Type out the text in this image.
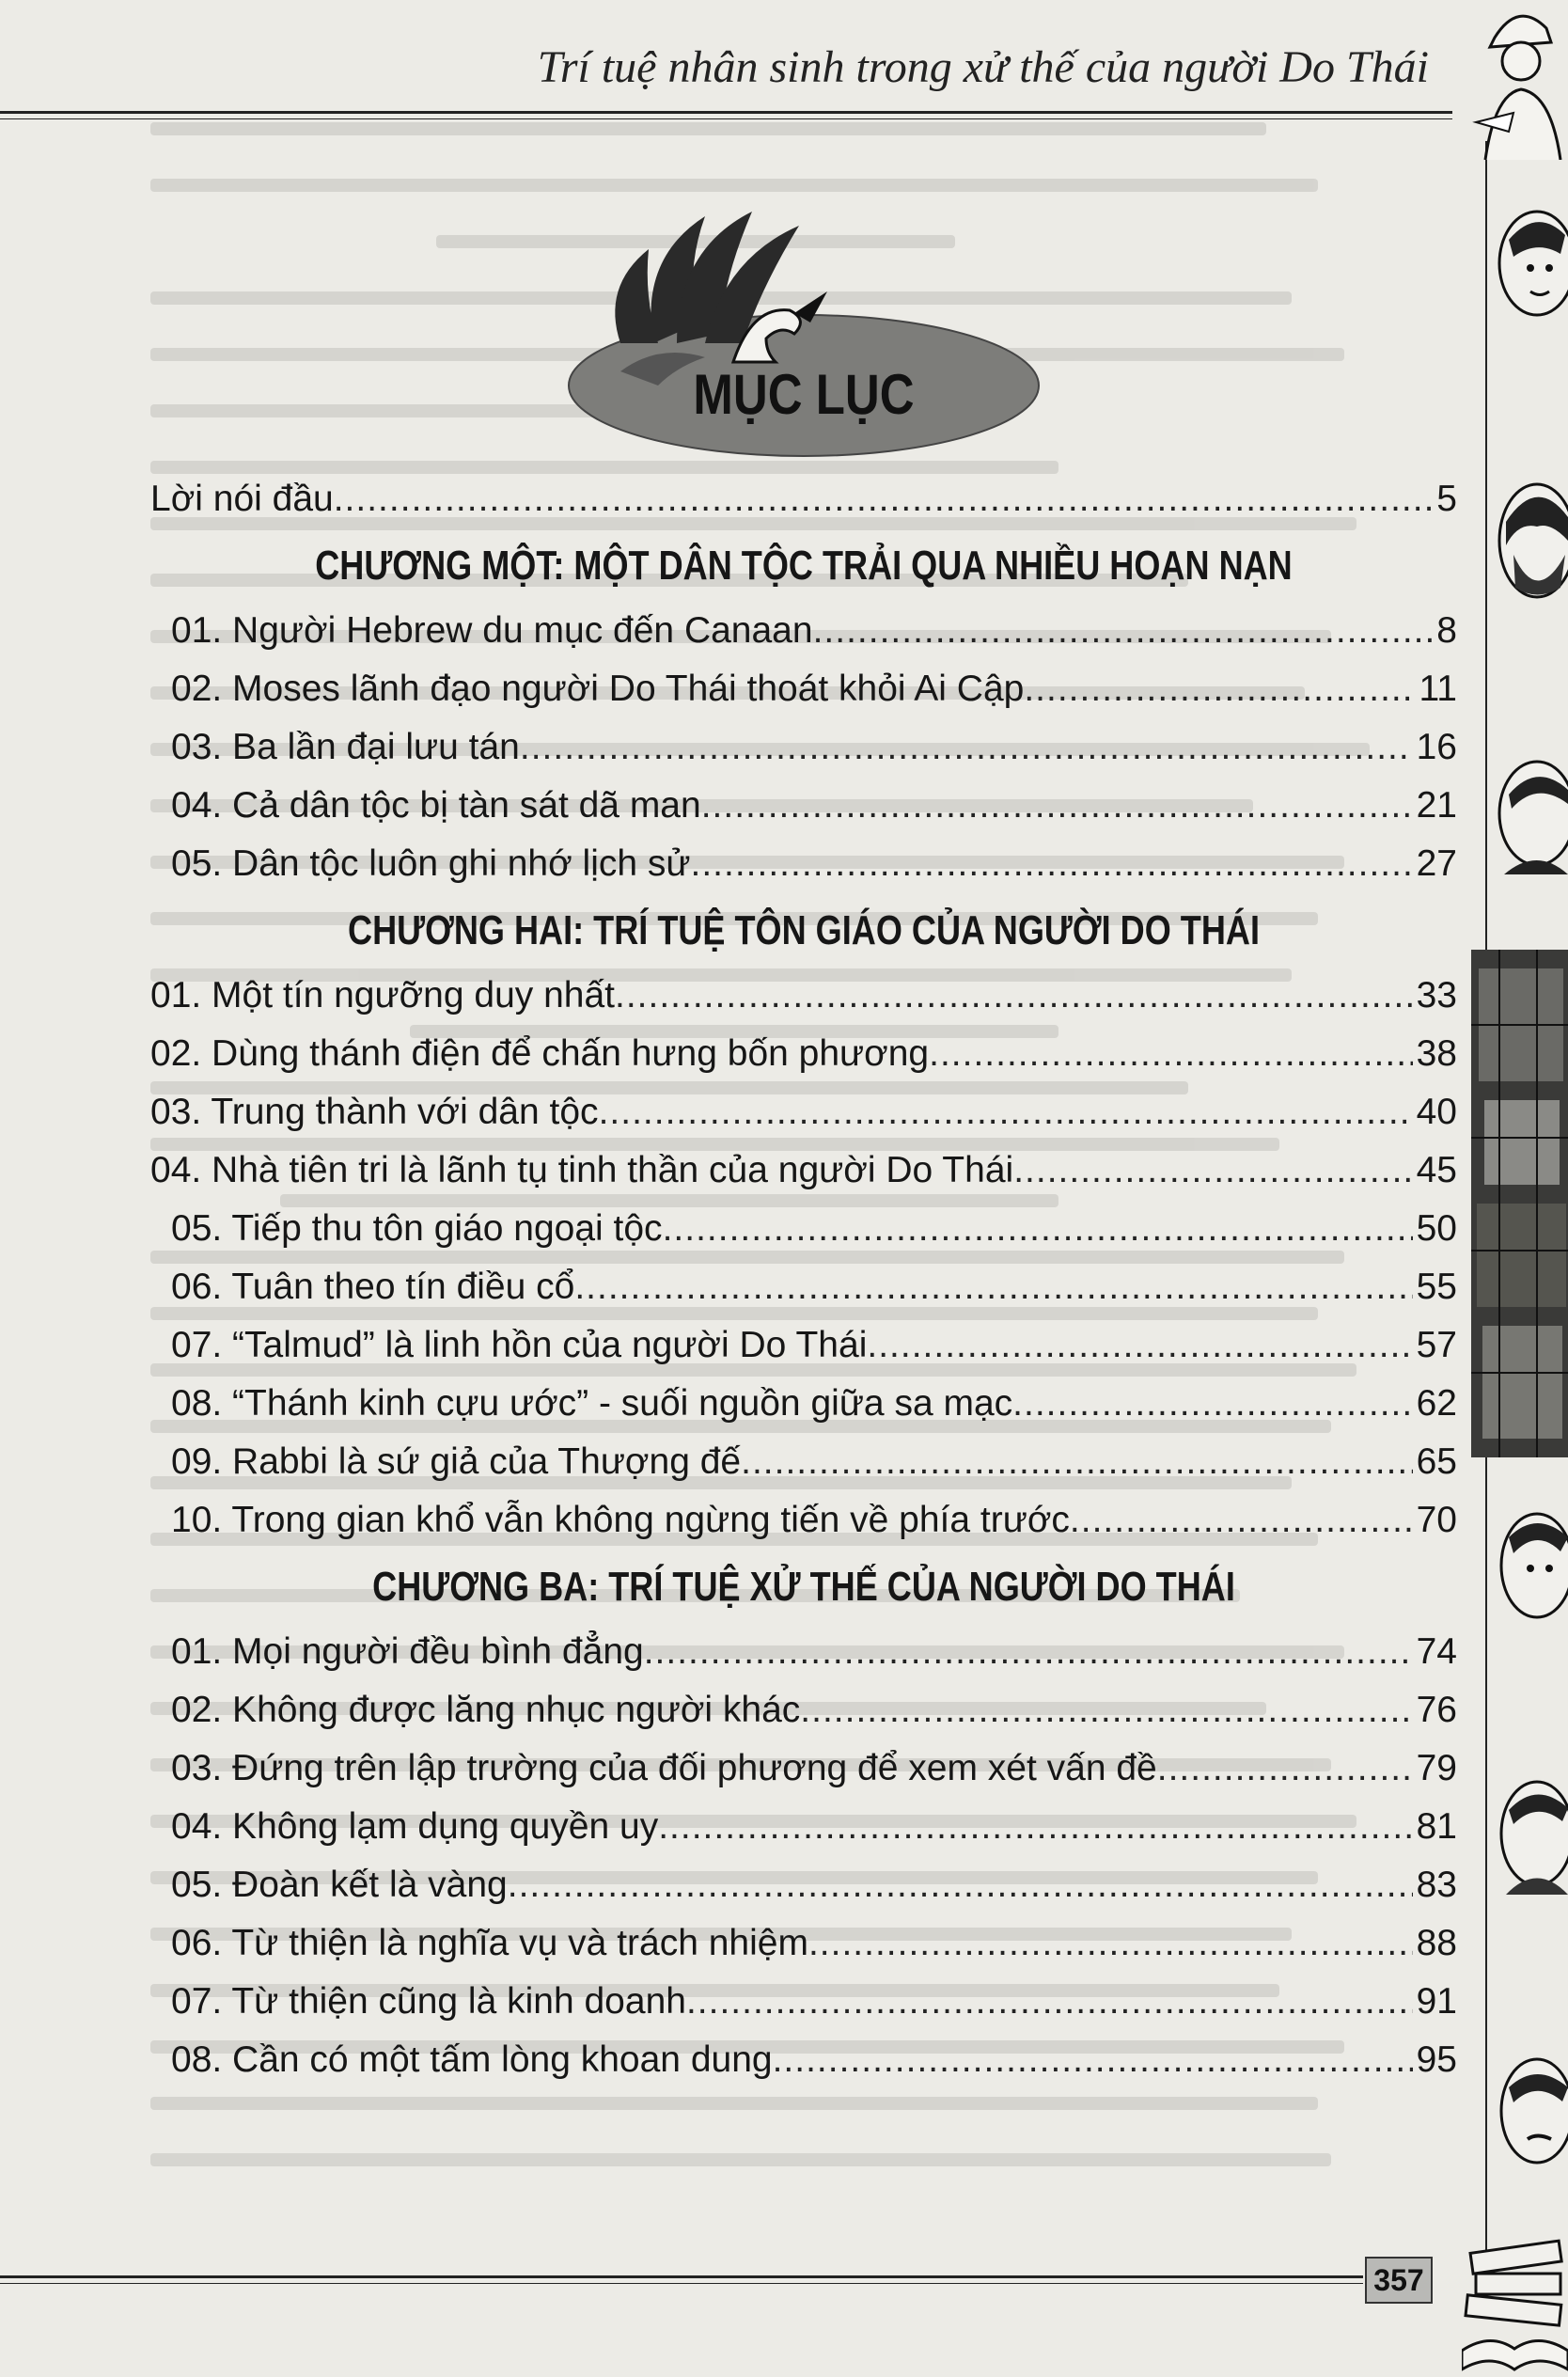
Trí tuệ nhân sinh trong xử thế của người Do Thái
MỤC LỤC
Lời nói đầu .....	5
CHƯƠNG MỘT: MỘT DÂN TỘC TRẢI QUA NHIỀU HOẠN NẠN
01. Người Hebrew du mục đến Canaan .....	8
02. Moses lãnh đạo người Do Thái thoát khỏi Ai Cập .....	11
03. Ba lần đại lưu tán .....	16
04. Cả dân tộc bị tàn sát dã man .....	21
05. Dân tộc luôn ghi nhớ lịch sử .....	27
CHƯƠNG HAI: TRÍ TUỆ TÔN GIÁO CỦA NGƯỜI DO THÁI
01. Một tín ngưỡng duy nhất .....	33
02. Dùng thánh điện để chấn hưng bốn phương .....	38
03. Trung thành với dân tộc .....	40
04. Nhà tiên tri là lãnh tụ tinh thần của người Do Thái .....	45
05. Tiếp thu tôn giáo ngoại tộc .....	50
06. Tuân theo tín điều cổ .....	55
07. “Talmud” là linh hồn của người Do Thái .....	57
08. “Thánh kinh cựu ước” - suối nguồn giữa sa mạc .....	62
09. Rabbi là sứ giả của Thượng đế .....	65
10. Trong gian khổ vẫn không ngừng tiến về phía trước .....	70
CHƯƠNG BA: TRÍ TUỆ XỬ THẾ CỦA NGƯỜI DO THÁI
01. Mọi người đều bình đẳng .....	74
02. Không được lăng nhục người khác .....	76
03. Đứng trên lập trường của đối phương để xem xét vấn đề .....	79
04. Không lạm dụng quyền uy .....	81
05. Đoàn kết là vàng .....	83
06. Từ thiện là nghĩa vụ và trách nhiệm .....	88
07. Từ thiện cũng là kinh doanh .....	91
08. Cần có một tấm lòng khoan dung .....	95
357
